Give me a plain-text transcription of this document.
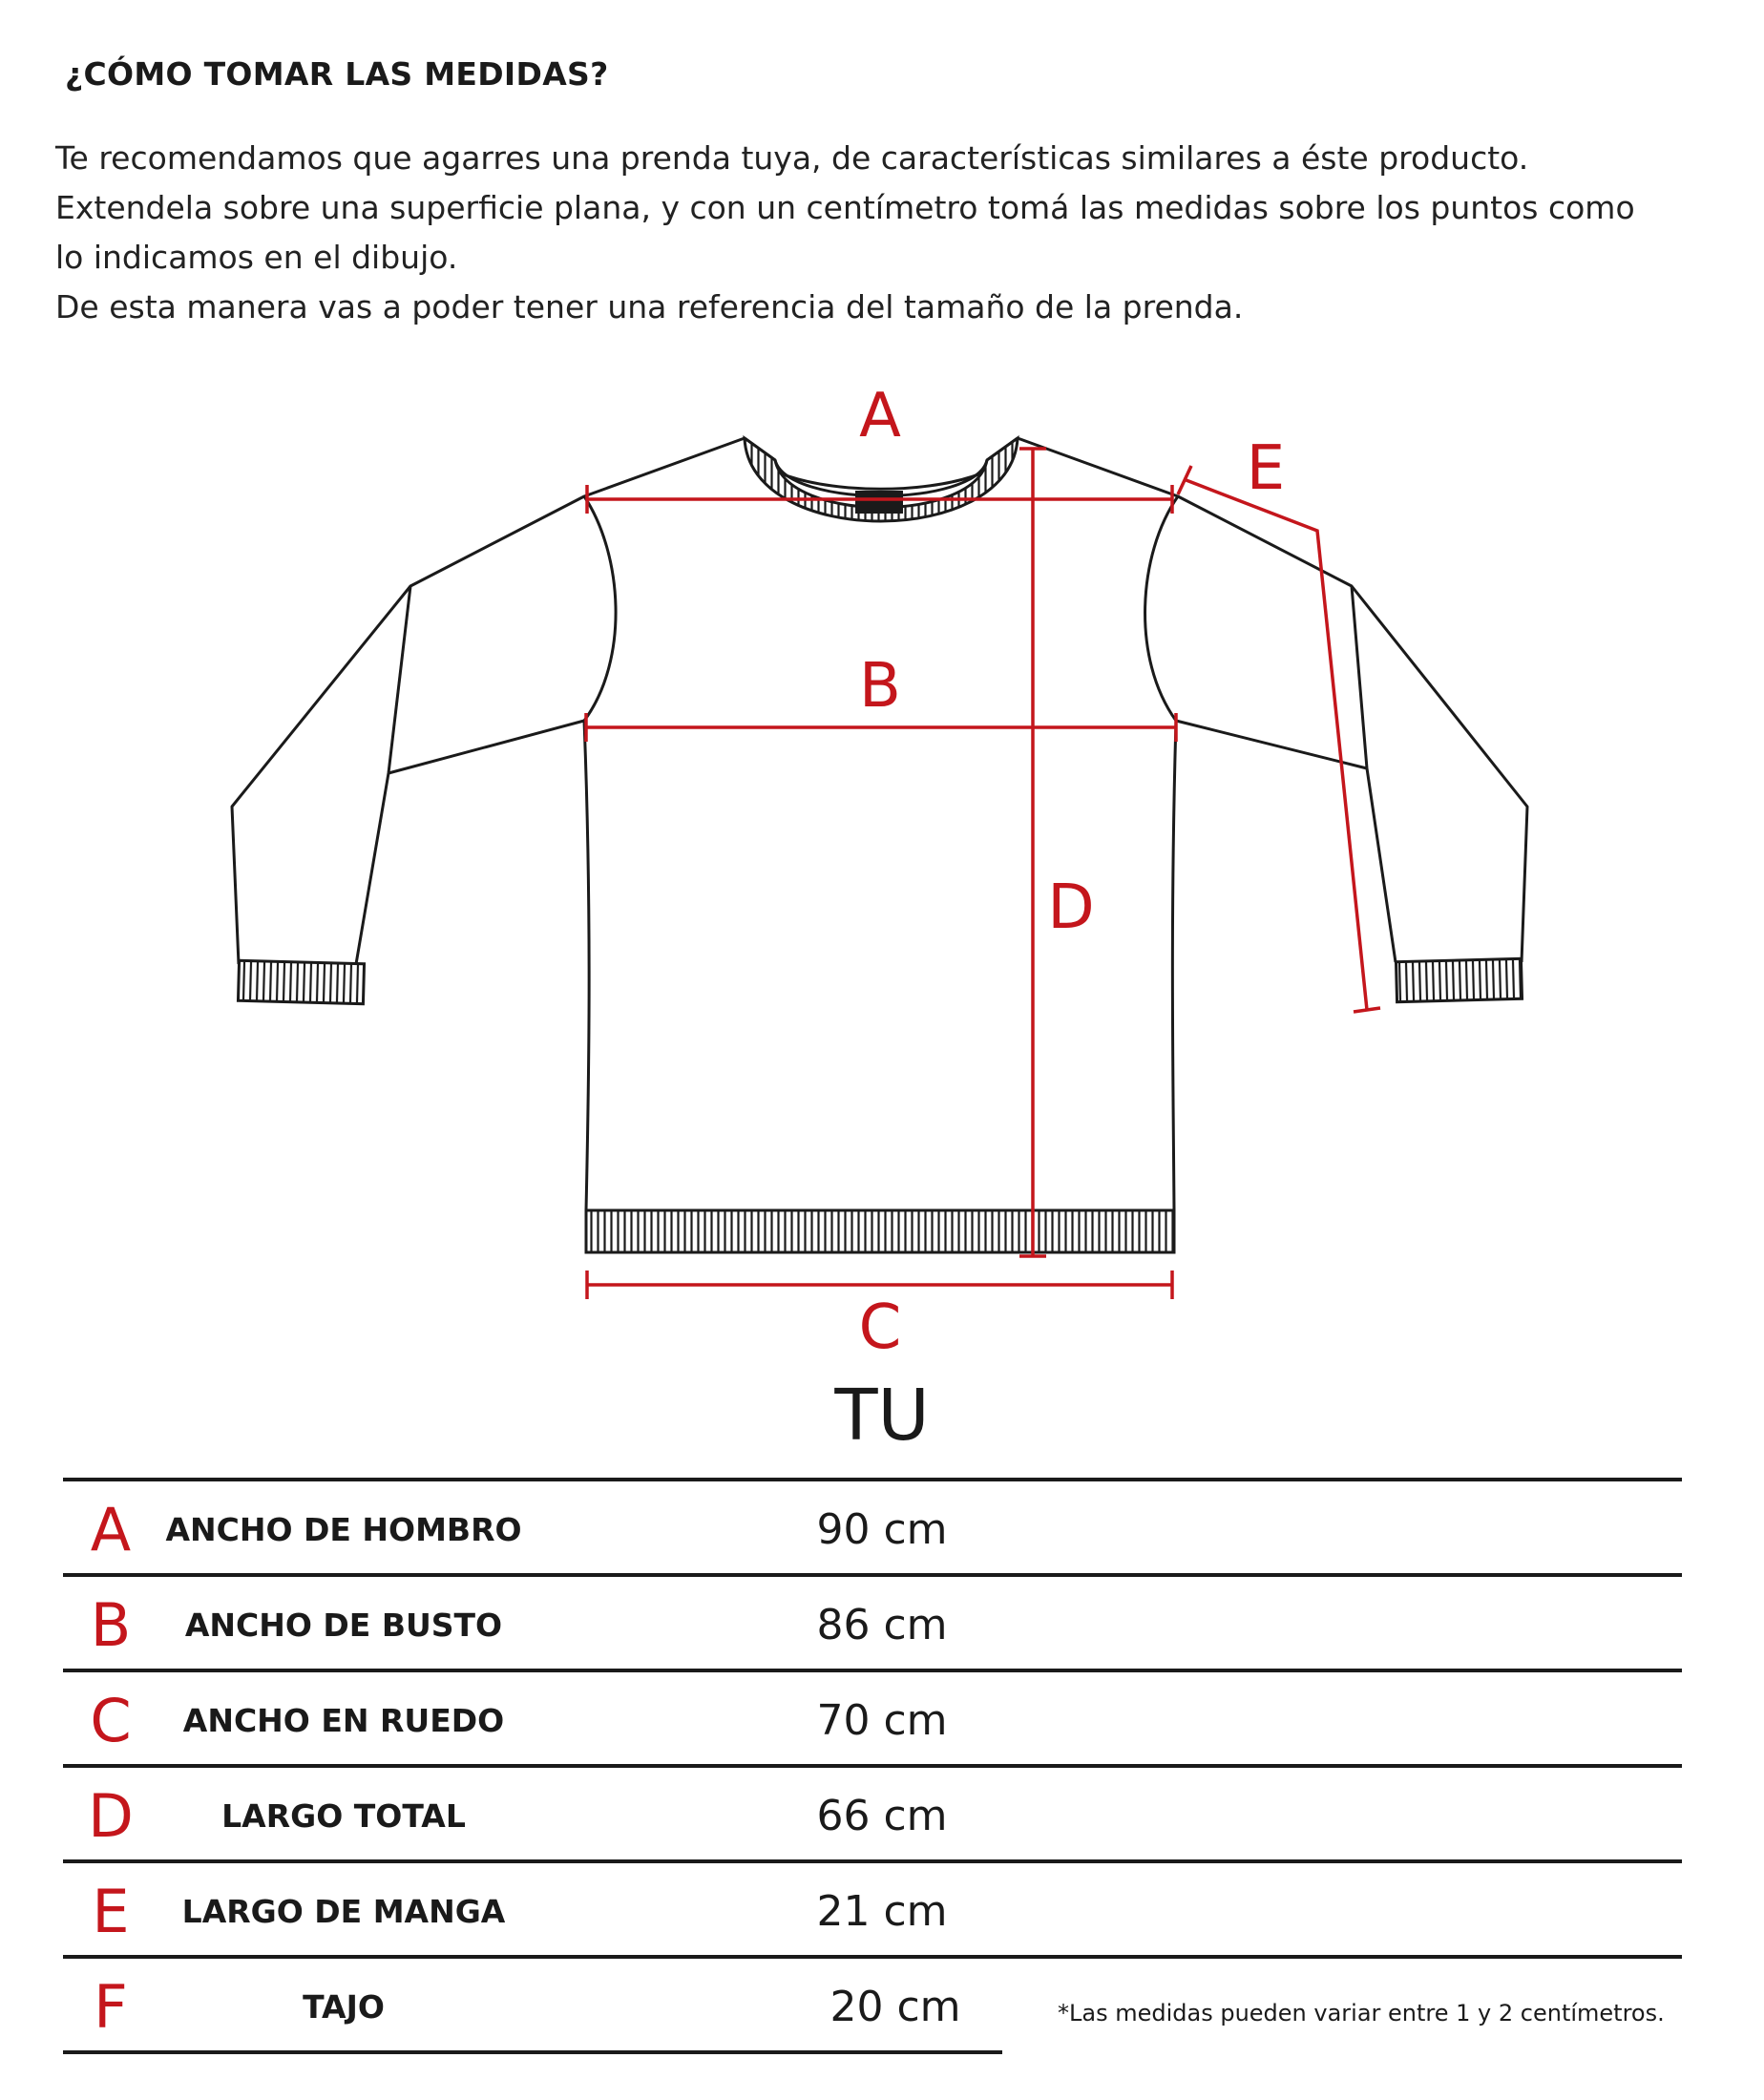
¿CÓMO TOMAR LAS MEDIDAS?

Te recomendamos que agarres una prenda tuya, de características similares a éste producto.

Extendela sobre una superficie plana, y con un centímetro tomá las medidas sobre los puntos como

lo indicamos en el dibujo.

De esta manera vas a poder tener una referencia del tamaño de la prenda.

A
B
C
D
E
TU
A	ANCHO DE HOMBRO	90 cm
B	ANCHO DE BUSTO	86 cm
C	ANCHO EN RUEDO	70 cm
D	LARGO TOTAL	66 cm
E	LARGO DE MANGA	21 cm
F	TAJO	20 cm	*Las medidas pueden variar entre 1 y 2 centímetros.
